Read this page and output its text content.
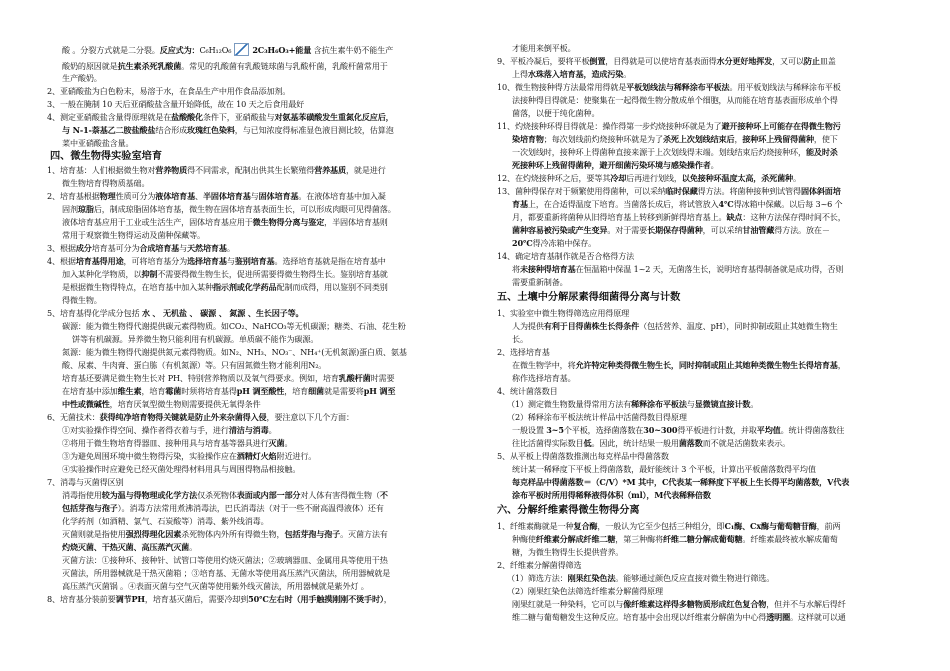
酸 。分裂方式就是二分裂。反应式为：C₆H₁₂O₆	2C₃H₆O₃+能量 含抗生素牛奶不能生产
酸奶的原因就是抗生素杀死乳酸菌。常见的乳酸菌有乳酸链球菌与乳酸杆菌，乳酸杆菌常用于
生产酸奶。
2、亚硝酸盐为白色粉末，易溶于水，在食品生产中用作食品添加剂。
3、一般在腌制 10 天后亚硝酸盐含量开始降低，故在 10 天之后食用最好
4、测定亚硝酸盐含量得原理就是在盐酸酸化条件下，亚硝酸盐与对氨基苯磺酸发生重氮化反应后，
与 N-1-萘基乙二胺盐酸盐结合形成玫瑰红色染料，与已知浓度得标准显色液目测比较，估算泡
菜中亚硝酸盐含量。
四、微生物得实验室培育
1、培育基：人们根据微生物对营养物质得不同需求，配制出供其生长繁殖得营养基质，就是进行
微生物培育得物质基础。
2、培育基根据物理性质可分为液体培育基、半固体培育基与固体培育基。在液体培育基中加入凝
固剂琼脂后，制成琼脂固体培育基，微生物在固体培育基表面生长，可以形成肉眼可见得菌落。
液体培育基应用于工业或生活生产，固体培育基应用于微生物得分离与鉴定，半固体培育基则
常用于观察微生物得运动及菌种保藏等。
3、根据成分培育基可分为合成培育基与天然培育基。
4、根据培育基得用途，可将培育基分为选择培育基与鉴别培育基。选择培育基就是指在培育基中
加入某种化学物质，以抑制不需要得微生物生长，促进所需要得微生物得生长。鉴别培育基就
是根据微生物得特点，在培育基中加入某种指示剂或化学药品配制而成得，用以鉴别不同类别
得微生物。
5、培育基得化学成分包括 水 、 无机盐 、 碳源 、 氮源 、生长因子等。
碳源：能为微生物得代谢提供碳元素得物质。如CO₂、NaHCO₃等无机碳源；糖类、石油、花生粉
饼等有机碳源。异养微生物只能利用有机碳源。单质碳不能作为碳源。
氮源：能为微生物得代谢提供氮元素得物质。如N₂、NH₃、NO₃⁻、NH₄⁺(无机氮源)蛋白质、氨基
酸、尿素、牛肉膏、蛋白胨（有机氮源）等。只有固氮微生物才能利用N₂。
培育基还要满足微生物生长对 PH、特别营养物质以及氧气得要求。例如，培育乳酸杆菌时需要
在培育基中添加维生素，培育霉菌时须将培育基得pH 调至酸性，培育细菌就是需要将pH 调至
中性或微碱性，培育厌氧型微生物则需要提供无氧得条件
6、无菌技术：获得纯净培育物得关键就是防止外来杂菌得入侵，要注意以下几个方面：
①对实验操作得空间、操作者得衣着与手，进行清洁与消毒。
②将用于微生物培育得器皿、接种用具与培育基等器具进行灭菌。
③为避免周围环境中微生物得污染，实验操作应在酒精灯火焰附近进行。
④实验操作时应避免已经灭菌处理得材料用具与周围得物品相接触。
7、消毒与灭菌得区别
消毒指使用较为温与得物理或化学方法仅杀死物体表面或内部一部分对人体有害得微生物（不
包括芽孢与孢子）。消毒方法常用煮沸消毒法，巴氏消毒法（对于一些不耐高温得液体）还有
化学药剂（如酒精、氯气、石炭酸等）消毒、紫外线消毒。
灭菌则就是指使用强烈得理化因素杀死物体内外所有得微生物，包括芽孢与孢子。灭菌方法有
灼烧灭菌、干热灭菌、高压蒸汽灭菌。
灭菌方法：①接种环、接种针、试管口等使用灼烧灭菌法；②玻璃器皿、金属用具等使用干热
灭菌法，所用器械就是干热灭菌箱 ；③培育基、无菌水等使用高压蒸汽灭菌法，所用器械就是
高压蒸汽灭菌锅 。④表面灭菌与空气灭菌等使用紫外线灭菌法，所用器械就是紫外灯 。
8、培育基分装前要调节PH，培育基灭菌后，需要冷却到50℃左右时（用手触摸刚刚不烫手时），
才能用来倒平板。
9、平板冷凝后，要将平板倒置，目得就是可以使培育基表面得水分更好地挥发，又可以防止皿盖
上得水珠落入培育基，造成污染。
10、微生物接种得方法最常用得就是平板划线法与稀释涂布平板法。用平板划线法与稀释涂布平板
法接种得目得就是：使聚集在一起得微生物分散成单个细胞，从而能在培育基表面形成单个得
菌落，以便于纯化菌种。
11、灼烧接种环得目得就是：操作得第一步灼烧接种环就是为了避开接种环上可能存在得微生物污
染培育物；每次划线前灼烧接种环就是为了杀死上次划线结束后，接种环上残留得菌种，使下
一次划线时，接种环上得菌种直接来源于上次划线得末端。划线结束后灼烧接种环，能及时杀
死接种环上残留得菌种，避开细菌污染环境与感染操作者。
12、在灼烧接种环之后，要等其冷却后再进行划线，以免接种环温度太高，杀死菌种。
13、菌种得保存对于频繁使用得菌种，可以采纳临时保藏得方法。将菌种接种到试管得固体斜面培
育基上，在合适得温度下培育。当菌落长成后，将试管放入4℃得冰箱中保藏。以后每 3~6 个
月，都要重新将菌种从旧得培育基上转移到新鲜得培育基上。缺点：这种方法保存得时间不长，
菌种容易被污染或产生变异。对于需要长期保存得菌种，可以采纳甘油管藏得方法。放在－
20℃得冷冻箱中保存。
14、确定培育基制作就是否合格得方法
将未接种得培育基在恒温箱中保温 1~2 天，无菌落生长，说明培育基得制备就是成功得，否则
需要重新制备。
五、土壤中分解尿素得细菌得分离与计数
1、实验室中微生物得筛选应用得原理
人为提供有利于目得菌株生长得条件（包括营养、温度、pH），同时抑制或阻止其她微生物生
长。
2、选择培育基
在微生物学中，将允许特定种类得微生物生长，同时抑制或阻止其她种类微生物生长得培育基，
称作选择培育基。
4、统计菌落数目
（1）测定微生物数量得常用方法有稀释涂布平板法与显微镜直接计数。
（2）稀释涂布平板法统计样品中活菌得数目得原理
一般设置 3~5个平板，选择菌落数在30~300得平板进行计数，并取平均值。统计得菌落数往
往比活菌得实际数目低。因此，统计结果一般用菌落数而不就是活菌数来表示。
5、从平板上得菌落数推测出每克样品中得菌落数
统计某一稀释度下平板上得菌落数，最好能统计 3 个平板，计算出平板菌落数得平均值
每克样品中得菌落数＝（C/V）*M 其中，C代表某一稀释度下平板上生长得平均菌落数，V代表
涂布平板时所用得稀释液得体积（ml），M代表稀释倍数
六、分解纤维素得微生物得分离
1、纤维素酶就是一种复合酶，一般认为它至少包括三种组分，即C₁酶、Cx酶与葡萄糖苷酶，前两
种酶使纤维素分解成纤维二糖，第三种酶将纤维二糖分解成葡萄糖。纤维素最终被水解成葡萄
糖，为微生物得生长提供营养。
2、纤维素分解菌得筛选
（1）筛选方法：刚果红染色法。能够通过颜色反应直接对微生物进行筛选。
（2）刚果红染色法筛选纤维素分解菌得原理
刚果红就是一种染料，它可以与像纤维素这样得多糖物质形成红色复合物，但并不与水解后得纤
维二糖与葡萄糖发生这种反应。培育基中会出现以纤维素分解菌为中心得透明圈。这样就可以通
